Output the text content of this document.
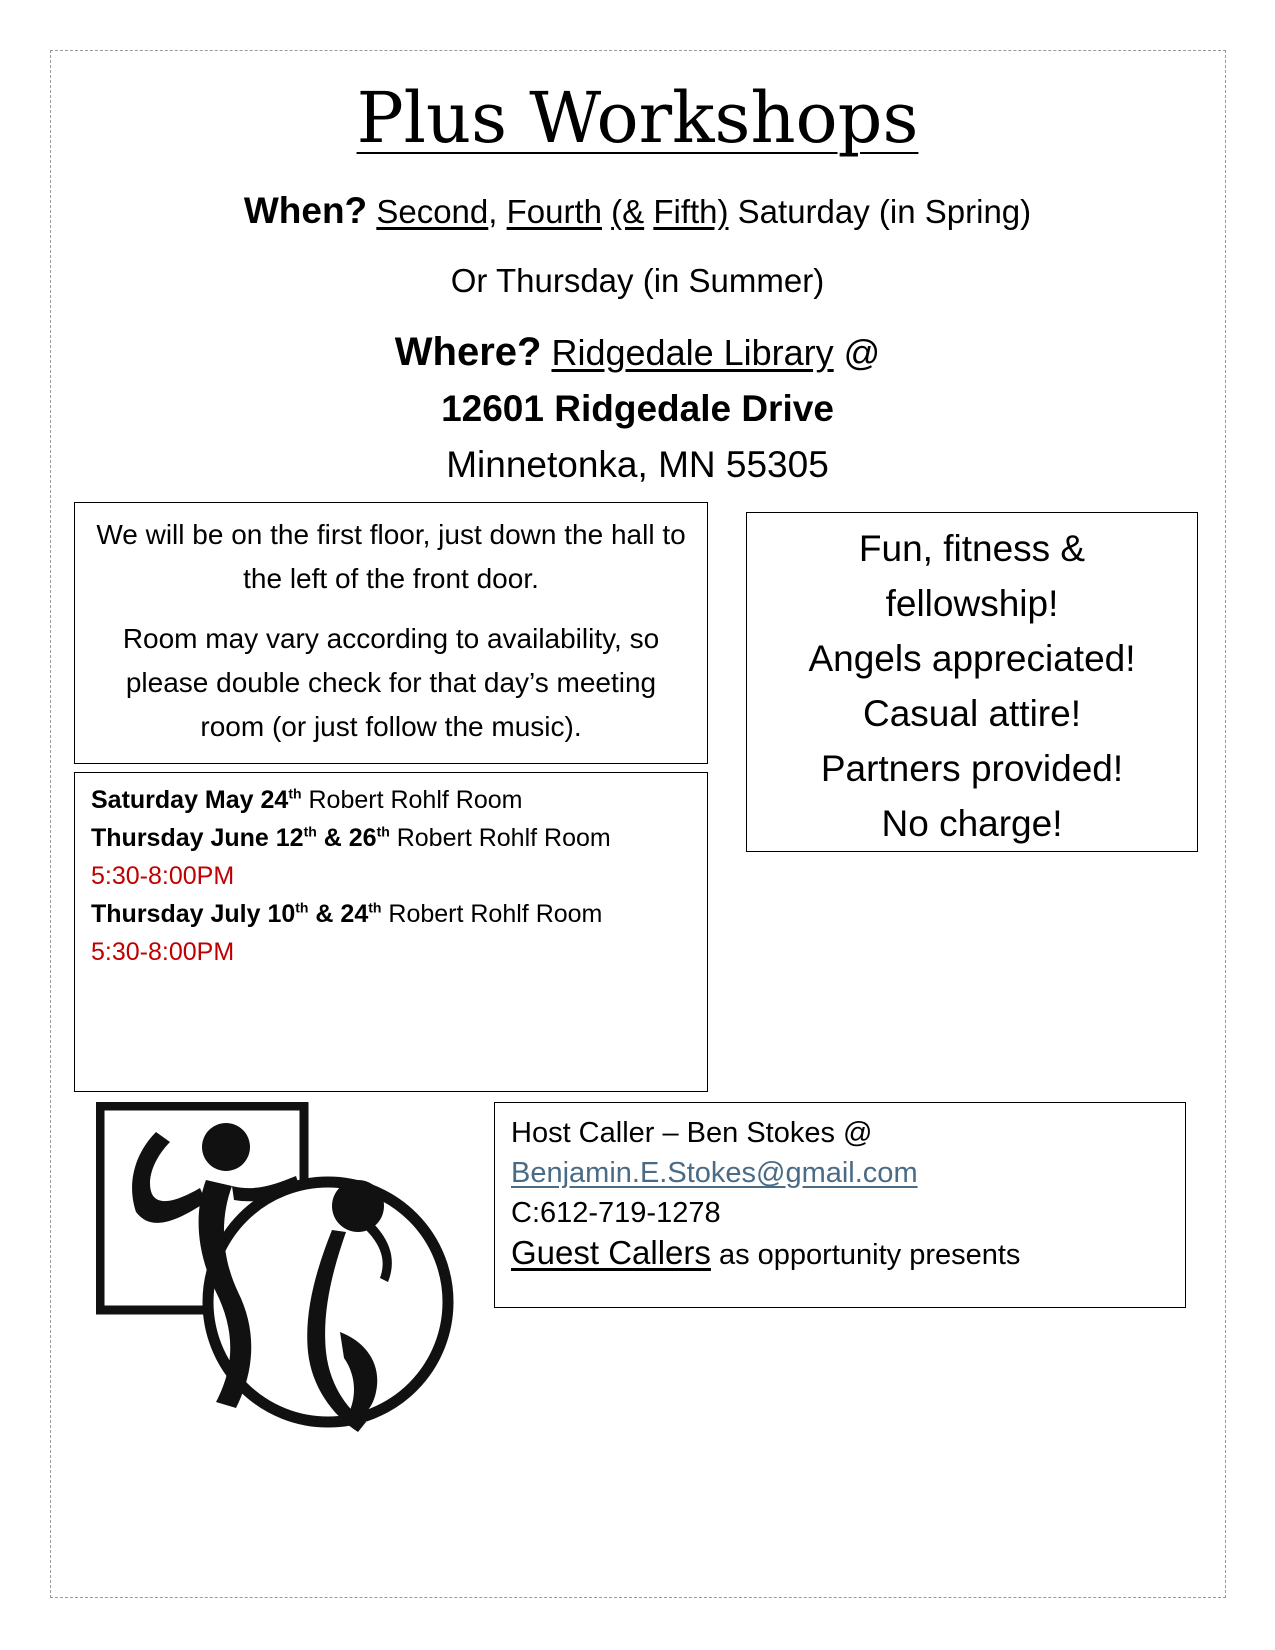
Plus Workshops
When? Second, Fourth (& Fifth) Saturday (in Spring)
Or Thursday (in Summer)
Where? Ridgedale Library @
12601 Ridgedale Drive
Minnetonka, MN 55305

We will be on the first floor, just down the hall to the left of the front door.

Room may vary according to availability, so please double check for that day’s meeting room (or just follow the music).

Fun, fitness &
fellowship!
Angels appreciated!
Casual attire!
Partners provided!
No charge!
Saturday May 24th Robert Rohlf Room
Thursday June 12th & 26th Robert Rohlf Room
5:30-8:00PM
Thursday July 10th & 24th Robert Rohlf Room
5:30-8:00PM
Host Caller – Ben Stokes @
Benjamin.E.Stokes@gmail.com
C:612-719-1278
Guest Callers as opportunity presents
